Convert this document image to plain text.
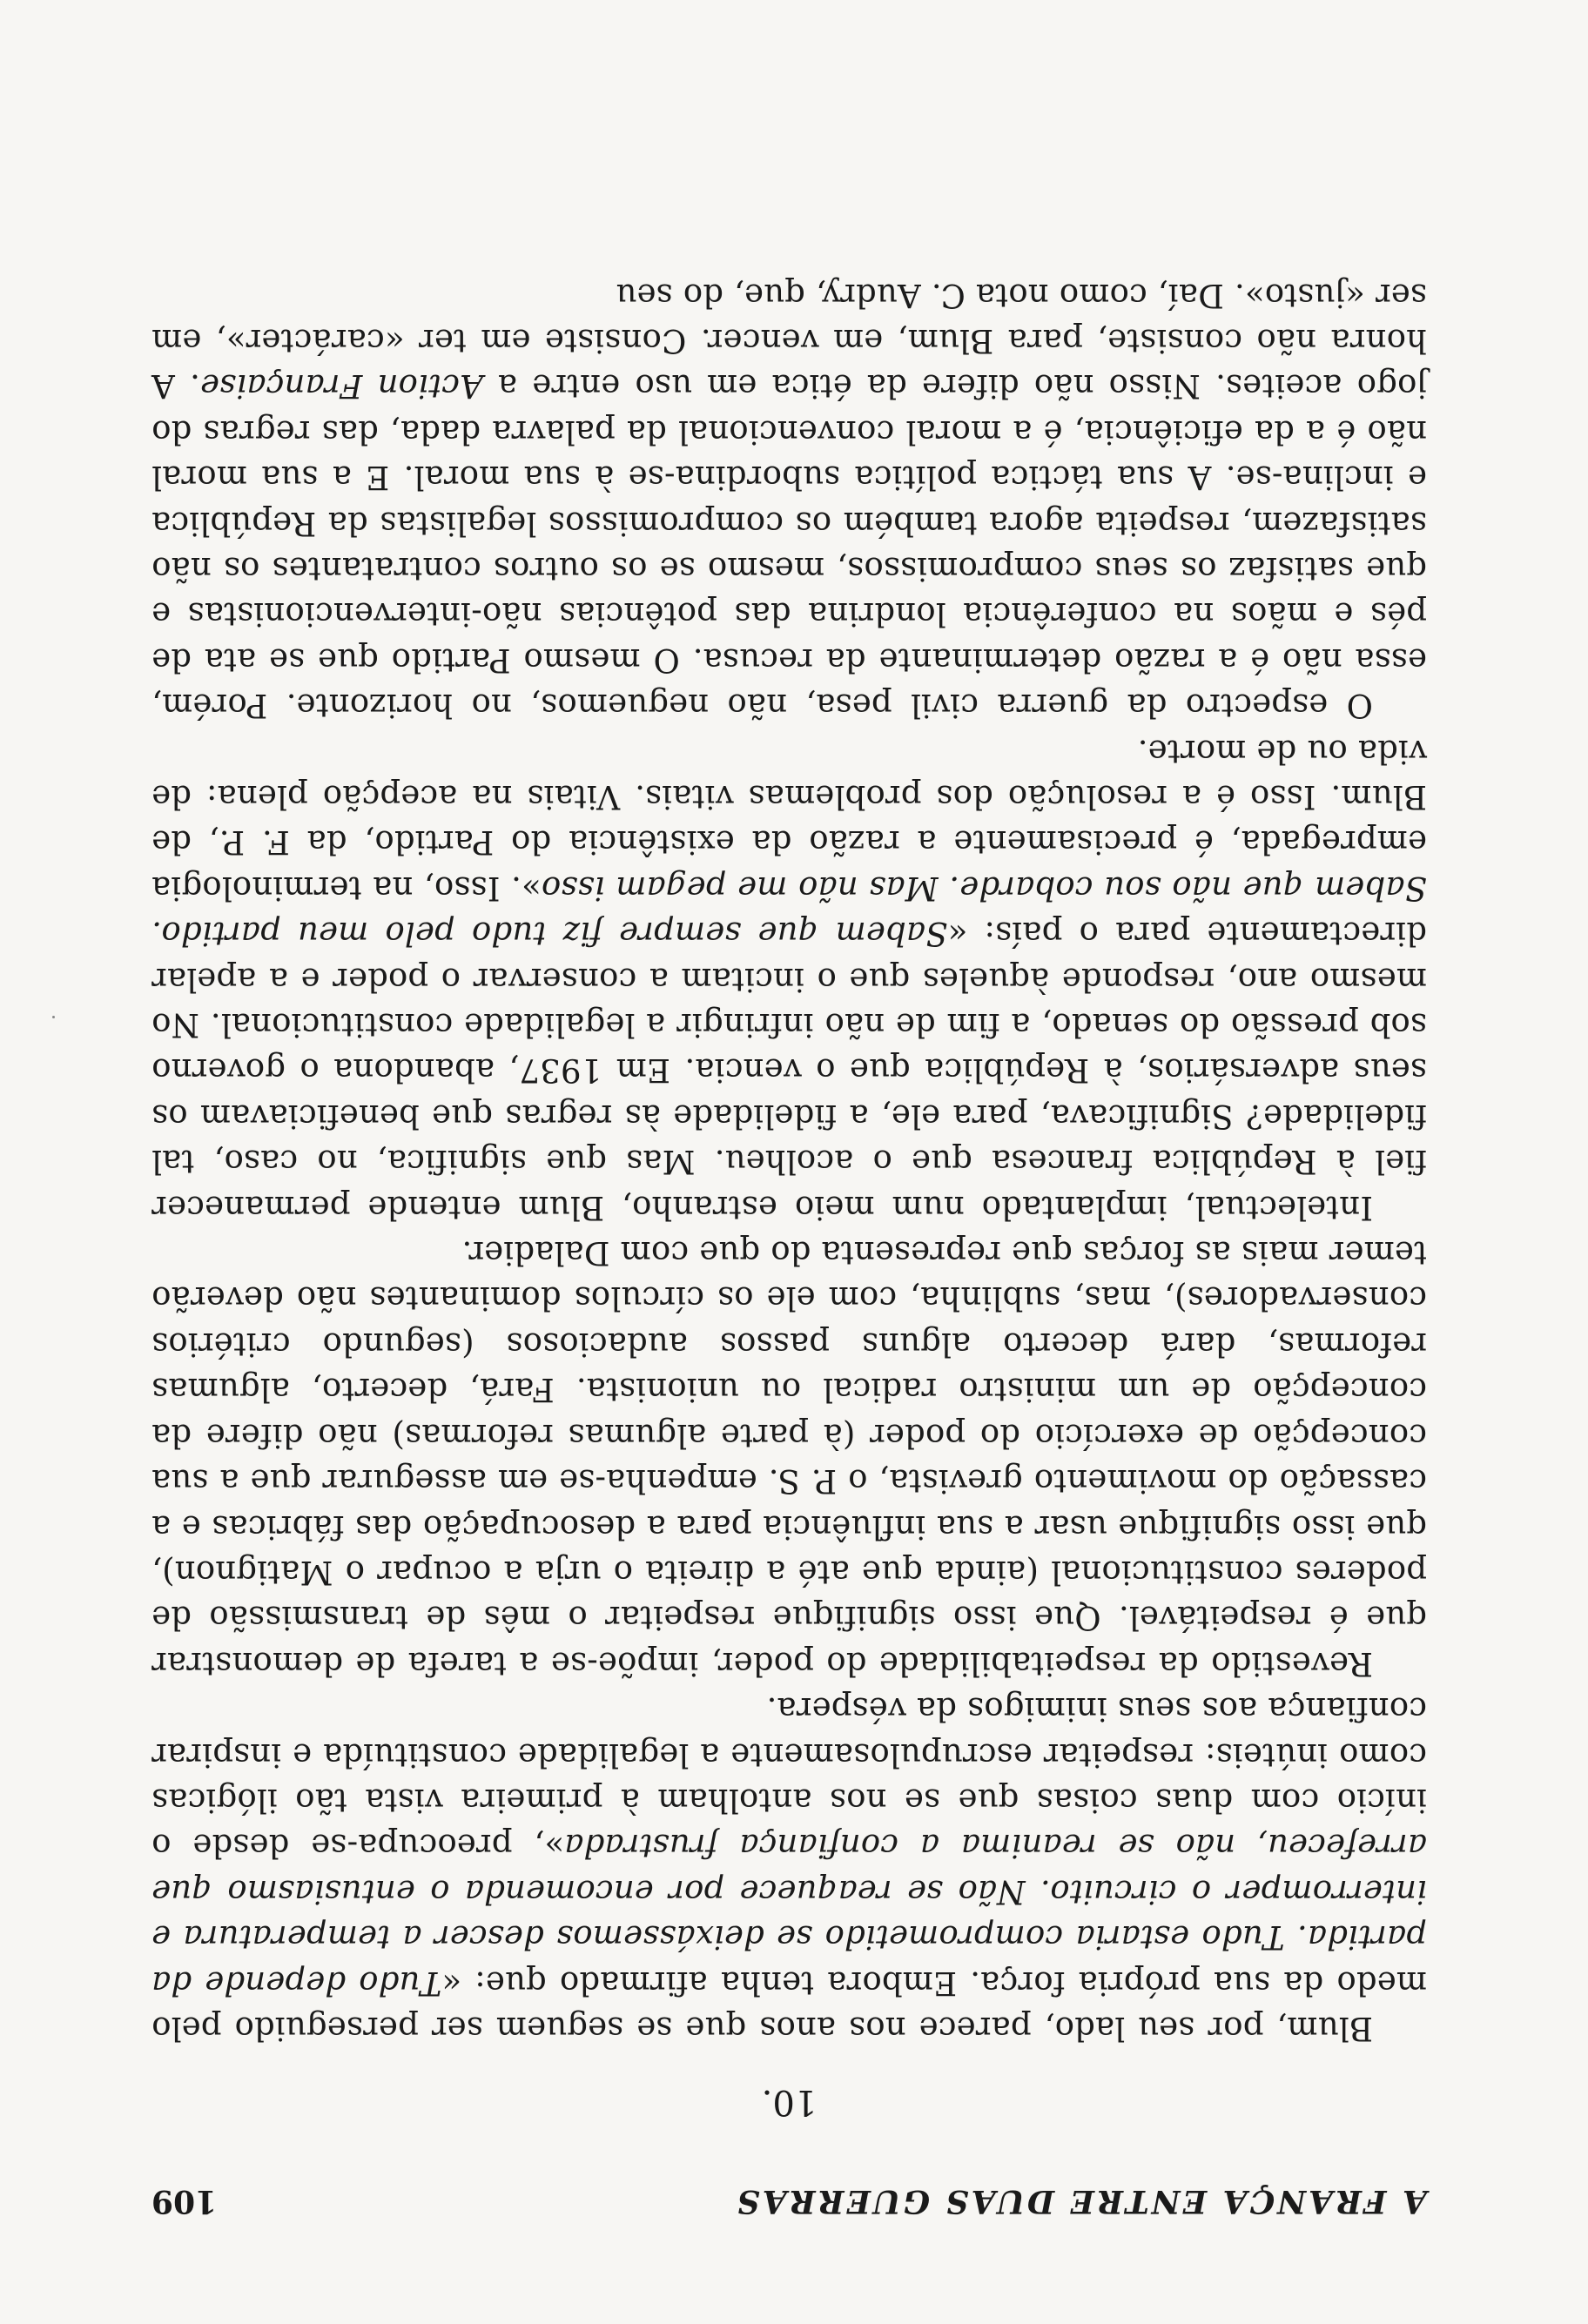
A FRANÇA ENTRE DUAS GUERRAS
109
10.

Blum, por seu lado, parece nos anos que se seguem ser perseguido pelo medo da sua própria força. Embora tenha afirmado que: «Tudo depende da partida. Tudo estaria comprometido se deixássemos descer a temperatura e interromper o circuito. Não se reaquece por encomenda o entusiasmo que arrefeceu, não se reanima a confiança frustrada», preocupa-se desde o início com duas coisas que se nos antolham à primeira vista tão ilógicas como inúteis: respeitar escrupulosamente a legalidade constituída e inspirar confiança aos seus inimigos da véspera.

Revestido da respeitabilidade do poder, impõe-se a tarefa de demonstrar que é respeitável. Que isso signifique respeitar o mês de transmissão de poderes constitucional (ainda que até a direita o urja a ocupar o Matignon), que isso signifique usar a sua influência para a desocupação das fábricas e a cassação do movimento grevista, o P. S. empenha-se em assegurar que a sua concepção de exercício do poder (à parte algumas reformas) não difere da concepção de um ministro radical ou unionista. Fará, decerto, algumas reformas, dará decerto alguns passos audaciosos (segundo critérios conservadores), mas, sublinha, com ele os círculos dominantes não deverão temer mais as forças que representa do que com Daladier.

Intelectual, implantado num meio estranho, Blum entende permanecer fiel à República francesa que o acolheu. Mas que significa, no caso, tal fidelidade? Significava, para ele, a fidelidade às regras que beneficiavam os seus adversários, à República que o vencia. Em 1937, abandona o governo sob pressão do senado, a fim de não infringir a legalidade constitucional. No mesmo ano, responde àqueles que o incitam a conservar o poder e a apelar directamente para o país: «Sabem que sempre fiz tudo pelo meu partido. Sabem que não sou cobarde. Mas não me pegam isso». Isso, na terminologia empregada, é precisamente a razão da existência do Partido, da F. P., de Blum. Isso é a resolução dos problemas vitais. Vitais na acepção plena: de vida ou de morte.

O espectro da guerra civil pesa, não neguemos, no horizonte. Porém, essa não é a razão determinante da recusa. O mesmo Partido que se ata de pés e mãos na conferência londrina das potências não-intervencionistas e que satisfaz os seus compromissos, mesmo se os outros contratantes os não satisfazem, respeita agora também os compromissos legalistas da República e inclina-se. A sua táctica política subordina-se à sua moral. E a sua moral não é a da eficiência, é a moral convencional da palavra dada, das regras do jogo aceites. Nisso não difere da ética em uso entre a Action Française. A honra não consiste, para Blum, em vencer. Consiste em ter «carácter», em ser «justo». Daí, como nota C. Audry, que, do seu
